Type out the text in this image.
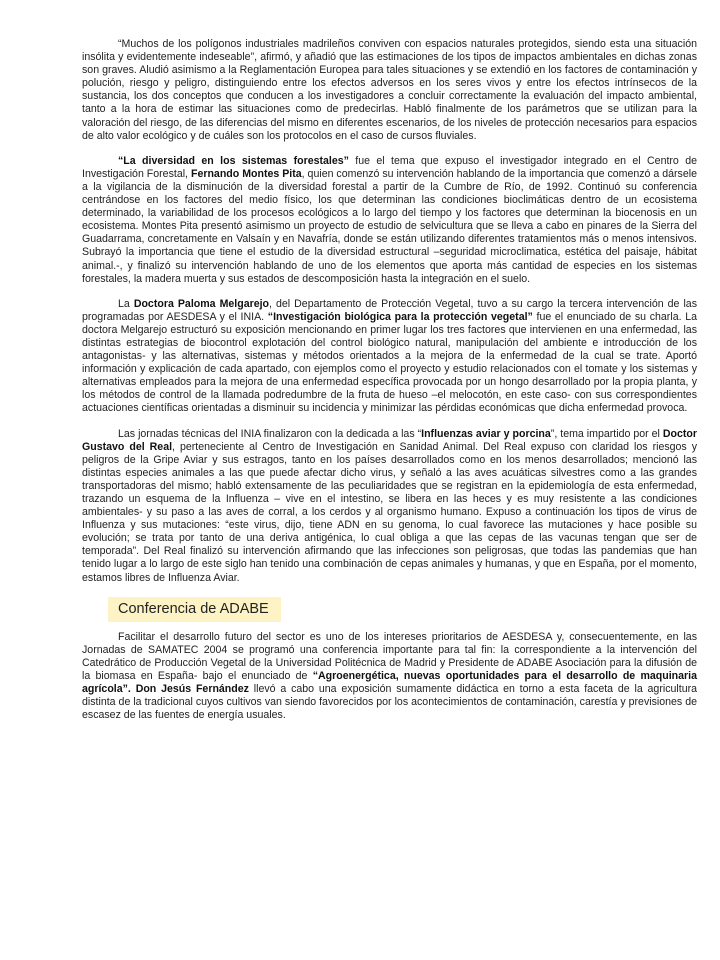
“Muchos de los polígonos industriales madrileños conviven con espacios naturales protegidos, siendo esta una situación insólita y evidentemente indeseable”, afirmó, y añadió que las estimaciones de los tipos de impactos ambientales en dichas zonas son graves. Aludió asimismo a la Reglamentación Europea para tales situaciones y se extendió en los factores de contaminación y polución, riesgo y peligro, distinguiendo entre los efectos adversos en los seres vivos y entre los efectos intrínsecos de la sustancia, los dos conceptos que conducen a los investigadores a concluir correctamente la evaluación del impacto ambiental, tanto a la hora de estimar las situaciones como de predecirlas. Habló finalmente de los parámetros que se utilizan para la valoración del riesgo, de las diferencias del mismo en diferentes escenarios, de los niveles de protección necesarios para espacios de alto valor ecológico y de cuáles son los protocolos en el caso de cursos fluviales.

“La diversidad en los sistemas forestales” fue el tema que expuso el investigador integrado en el Centro de Investigación Forestal, Fernando Montes Pita, quien comenzó su intervención hablando de la importancia que comenzó a dársele a la vigilancia de la disminución de la diversidad forestal a partir de la Cumbre de Río, de 1992. Continuó su conferencia centrándose en los factores del medio físico, los que determinan las condiciones bioclimáticas dentro de un ecosistema determinado, la variabilidad de los procesos ecológicos a lo largo del tiempo y los factores que determinan la biocenosis en un ecosistema. Montes Pita presentó asimismo un proyecto de estudio de selvicultura que se lleva a cabo en pinares de la Sierra del Guadarrama, concretamente en Valsaín y en Navafría, donde se están utilizando diferentes tratamientos más o menos intensivos. Subrayó la importancia que tiene el estudio de la diversidad estructural –seguridad microclimatica, estética del paisaje, hábitat animal.-, y finalizó su intervención hablando de uno de los elementos que aporta más cantidad de especies en los sistemas forestales, la madera muerta y sus estados de descomposición hasta la integración en el suelo.

La Doctora Paloma Melgarejo, del Departamento de Protección Vegetal, tuvo a su cargo la tercera intervención de las programadas por AESDESA y el INIA. “Investigación biológica para la protección vegetal” fue el enunciado de su charla. La doctora Melgarejo estructuró su exposición mencionando en primer lugar los tres factores que intervienen en una enfermedad, las distintas estrategias de biocontrol explotación del control biológico natural, manipulación del ambiente e introducción de los antagonistas- y las alternativas, sistemas y métodos orientados a la mejora de la enfermedad de la cual se trate. Aportó información y explicación de cada apartado, con ejemplos como el proyecto y estudio relacionados con el tomate y los sistemas y alternativas empleados para la mejora de una enfermedad específica provocada por un hongo desarrollado por la propia planta, y los métodos de control de la llamada podredumbre de la fruta de hueso –el melocotón, en este caso- con sus correspondientes actuaciones científicas orientadas a disminuir su incidencia y minimizar las pérdidas económicas que dicha enfermedad provoca.

Las jornadas técnicas del INIA finalizaron con la dedicada a las “Influenzas aviar y porcina”, tema impartido por el Doctor Gustavo del Real, perteneciente al Centro de Investigación en Sanidad Animal. Del Real expuso con claridad los riesgos y peligros de la Gripe Aviar y sus estragos, tanto en los países desarrollados como en los menos desarrollados; mencionó las distintas especies animales a las que puede afectar dicho virus, y señaló a las aves acuáticas silvestres como a las grandes transportadoras del mismo; habló extensamente de las peculiaridades que se registran en la epidemiología de esta enfermedad, trazando un esquema de la Influenza – vive en el intestino, se libera en las heces y es muy resistente a las condiciones ambientales- y su paso a las aves de corral, a los cerdos y al organismo humano. Expuso a continuación los tipos de virus de Influenza y sus mutaciones: “este virus, dijo, tiene ADN en su genoma, lo cual favorece las mutaciones y hace posible su evolución; se trata por tanto de una deriva antigénica, lo cual obliga a que las cepas de las vacunas tengan que ser de temporada”. Del Real finalizó su intervención afirmando que las infecciones son peligrosas, que todas las pandemias que han tenido lugar a lo largo de este siglo han tenido una combinación de cepas animales y humanas, y que en España, por el momento, estamos libres de Influenza Aviar.

Conferencia de ADABE

Facilitar el desarrollo futuro del sector es uno de los intereses prioritarios de AESDESA y, consecuentemente, en las Jornadas de SAMATEC 2004 se programó una conferencia importante para tal fin: la correspondiente a la intervención del Catedrático de Producción Vegetal de la Universidad Politécnica de Madrid y Presidente de ADABE Asociación para la difusión de la biomasa en España- bajo el enunciado de “Agroenergética, nuevas oportunidades para el desarrollo de maquinaria agrícola”. Don Jesús Fernández llevó a cabo una exposición sumamente didáctica en torno a esta faceta de la agricultura distinta de la tradicional cuyos cultivos van siendo favorecidos por los acontecimientos de contaminación, carestía y previsiones de escasez de las fuentes de energía usuales.
